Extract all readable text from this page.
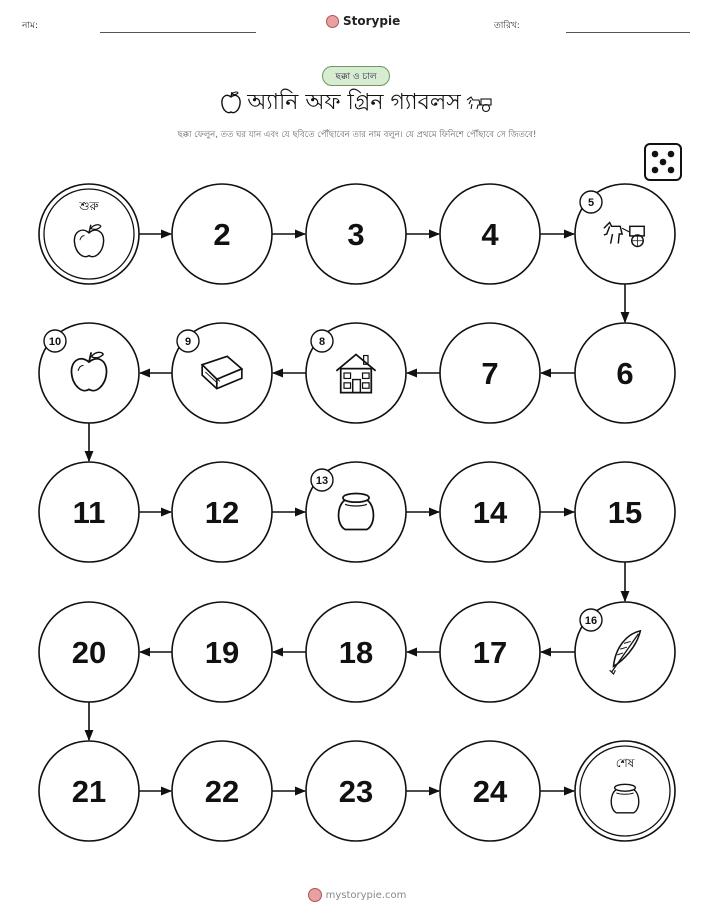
নাম:	Storypie	তারিখ:
ছক্কা ও চাল
অ্যানি অফ গ্রিন গ্যাবলস
ছক্কা ফেলুন, তত ঘর যান এবং যে ছবিতে পৌঁছাবেন তার নাম বলুন। যে প্রথমে ফিনিশে পৌঁছাবে সে জিতবে!
শুরু
2	3	4
5
6
7
8
9
10
11	12
13
14	15
16
17
18
19
20
21	22	23	24
শেষ
mystorypie.com
